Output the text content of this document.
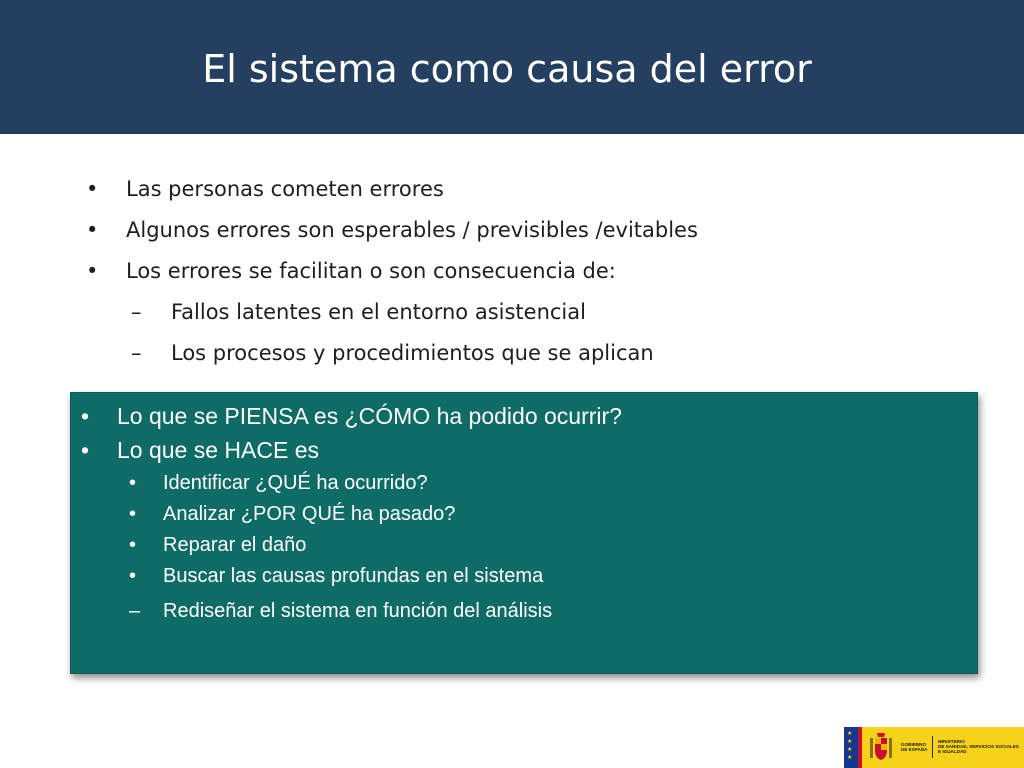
El sistema como causa del error
• Las personas cometen errores
• Algunos errores son esperables / previsibles /evitables
• Los errores se facilitan o son consecuencia de:
– Fallos latentes en el entorno asistencial
– Los procesos y procedimientos que se aplican
• Lo que se PIENSA es ¿CÓMO ha podido ocurrir?
• Lo que se HACE es
• Identificar ¿QUÉ ha ocurrido?
• Analizar ¿POR QUÉ ha pasado?
• Reparar el daño
• Buscar las causas profundas en el sistema
– Rediseñar el sistema en función del análisis
★
★
★
★
GOBIERNO
DE ESPAÑA
MINISTERIO
DE SANIDAD, SERVICIOS SOCIALES
E IGUALDAD
